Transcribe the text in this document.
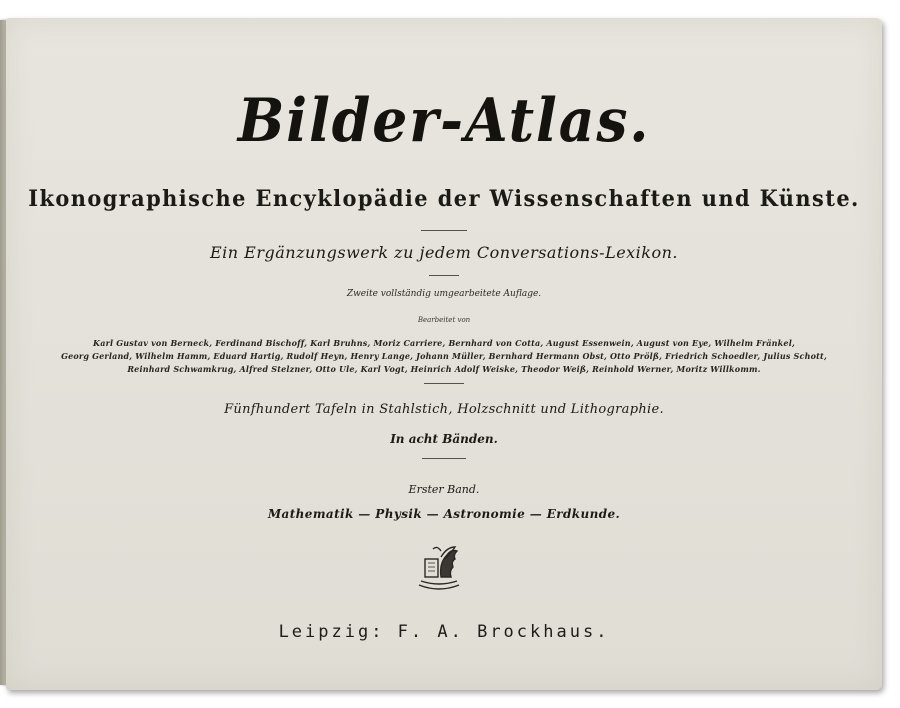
Bilder-Atlas.
Ikonographische Encyklopädie der Wissenschaften und Künste.
Ein Ergänzungswerk zu jedem Conversations-Lexikon.
Zweite vollständig umgearbeitete Auflage.
Bearbeitet von
Karl Gustav von Berneck, Ferdinand Bischoff, Karl Bruhns, Moriz Carriere, Bernhard von Cotta, August Essenwein, August von Eye, Wilhelm Fränkel,
Georg Gerland, Wilhelm Hamm, Eduard Hartig, Rudolf Heyn, Henry Lange, Johann Müller, Bernhard Hermann Obst, Otto Prölß, Friedrich Schoedler, Julius Schott,
Reinhard Schwamkrug, Alfred Stelzner, Otto Ule, Karl Vogt, Heinrich Adolf Weiske, Theodor Weiß, Reinhold Werner, Moritz Willkomm.
Fünfhundert Tafeln in Stahlstich, Holzschnitt und Lithographie.
In acht Bänden.
Erster Band.
Mathematik — Physik — Astronomie — Erdkunde.
Leipzig: F. A. Brockhaus.
